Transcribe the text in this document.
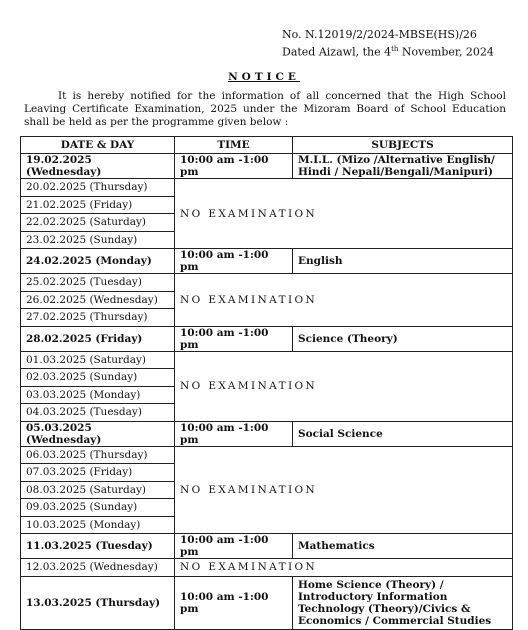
No. N.12019/2/2024-MBSE(HS)/26
Dated Aizawl, the 4th November, 2024
NOTICE
It is hereby notified for the information of all concerned that the High School Leaving Certificate Examination, 2025 under the Mizoram Board of School Education shall be held as per the programme given below :
DATE & DAY	TIME	SUBJECTS
19.02.2025 (Wednesday)	10:00 am -1:00 pm	M.I.L. (Mizo /Alternative English/ Hindi / Nepali/Bengali/Manipuri)
20.02.2025 (Thursday)	NO EXAMINATION	
21.02.2025 (Friday)		
22.02.2025 (Saturday)		
23.02.2025 (Sunday)		
24.02.2025 (Monday)	10:00 am -1:00 pm	English
25.02.2025 (Tuesday)	NO EXAMINATION	
26.02.2025 (Wednesday)		
27.02.2025 (Thursday)		
28.02.2025 (Friday)	10:00 am -1:00 pm	Science (Theory)
01.03.2025 (Saturday)	NO EXAMINATION	
02.03.2025 (Sunday)		
03.03.2025 (Monday)		
04.03.2025 (Tuesday)		
05.03.2025 (Wednesday)	10:00 am -1:00 pm	Social Science
06.03.2025 (Thursday)	NO EXAMINATION	
07.03.2025 (Friday)		
08.03.2025 (Saturday)		
09.03.2025 (Sunday)		
10.03.2025 (Monday)		
11.03.2025 (Tuesday)	10:00 am -1:00 pm	Mathematics
12.03.2025 (Wednesday)	NO EXAMINATION	
13.03.2025 (Thursday)	10:00 am -1:00 pm	Home Science (Theory) / Introductory Information Technology (Theory)/Civics & Economics / Commercial Studies
